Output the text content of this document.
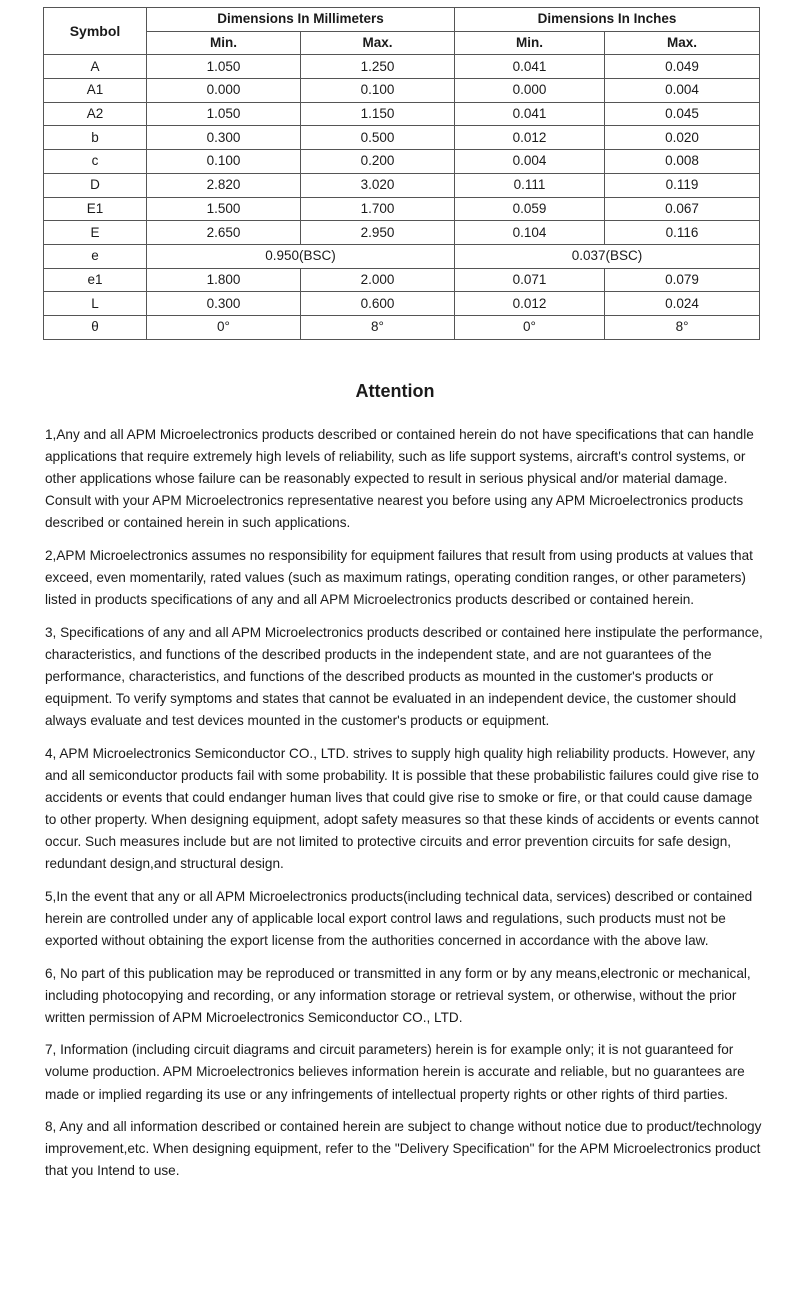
Symbol	Dimensions In Millimeters		Dimensions In Inches	
	Min.	Max.	Min.	Max.
A	1.050	1.250	0.041	0.049
A1	0.000	0.100	0.000	0.004
A2	1.050	1.150	0.041	0.045
b	0.300	0.500	0.012	0.020
c	0.100	0.200	0.004	0.008
D	2.820	3.020	0.111	0.119
E1	1.500	1.700	0.059	0.067
E	2.650	2.950	0.104	0.116
e	0.950(BSC)		0.037(BSC)	
e1	1.800	2.000	0.071	0.079
L	0.300	0.600	0.012	0.024
θ	0°	8°	0°	8°
Attention

1,Any and all APM Microelectronics products described or contained herein do not have specifications that can handle applications that require extremely high levels of reliability, such as life support systems, aircraft's control systems, or other applications whose failure can be reasonably expected to result in serious physical and/or material damage. Consult with your APM Microelectronics representative nearest you before using any APM Microelectronics products described or contained herein in such applications.

2,APM Microelectronics assumes no responsibility for equipment failures that result from using products at values that exceed, even momentarily, rated values (such as maximum ratings, operating condition ranges, or other parameters) listed in products specifications of any and all APM Microelectronics products described or contained herein.

3, Specifications of any and all APM Microelectronics products described or contained here instipulate the performance, characteristics, and functions of the described products in the independent state, and are not guarantees of the performance, characteristics, and functions of the described products as mounted in the customer's products or equipment. To verify symptoms and states that cannot be evaluated in an independent device, the customer should always evaluate and test devices mounted in the customer's products or equipment.

4, APM Microelectronics Semiconductor CO., LTD. strives to supply high quality high reliability products. However, any and all semiconductor products fail with some probability. It is possible that these probabilistic failures could give rise to accidents or events that could endanger human lives that could give rise to smoke or fire, or that could cause damage to other property. When designing equipment, adopt safety measures so that these kinds of accidents or events cannot occur. Such measures include but are not limited to protective circuits and error prevention circuits for safe design, redundant design,and structural design.

5,In the event that any or all APM Microelectronics products(including technical data, services) described or contained herein are controlled under any of applicable local export control laws and regulations, such products must not be exported without obtaining the export license from the authorities concerned in accordance with the above law.

6, No part of this publication may be reproduced or transmitted in any form or by any means,electronic or mechanical, including photocopying and recording, or any information storage or retrieval system, or otherwise, without the prior written permission of APM Microelectronics Semiconductor CO., LTD.

7, Information (including circuit diagrams and circuit parameters) herein is for example only; it is not guaranteed for volume production. APM Microelectronics believes information herein is accurate and reliable, but no guarantees are made or implied regarding its use or any infringements of intellectual property rights or other rights of third parties.

8, Any and all information described or contained herein are subject to change without notice due to product/technology improvement,etc. When designing equipment, refer to the "Delivery Specification" for the APM Microelectronics product that you Intend to use.
